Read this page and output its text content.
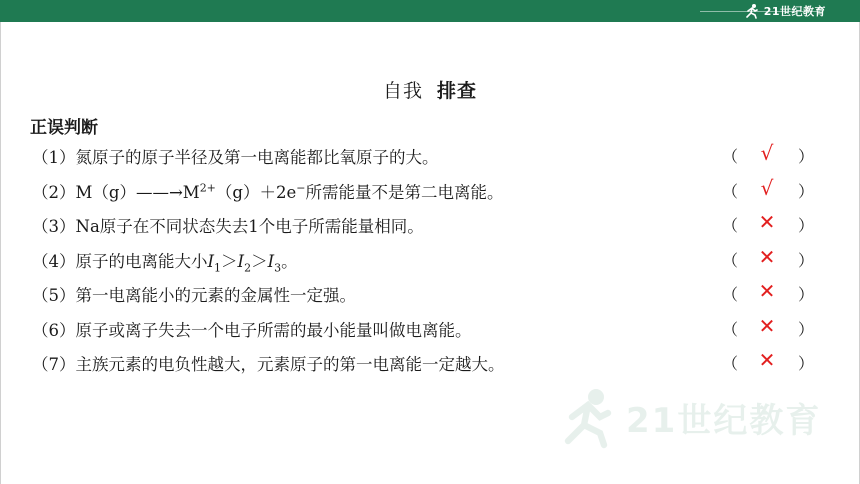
21世纪教育
自我 排查
正误判断
（1）氮原子的原子半径及第一电离能都比氧原子的大。	（	√	）
$(2)M(g)——\to M^{2+}(g)+2e^-$所需能量不是第二电离能。	（	√	）
（3）Na原子在不同状态失去1个电子所需能量相同。	（	✕	）
（4）原子的电离能大小$I_1>I_2>I_3$。	（	✕	）
（5）第一电离能小的元素的金属性一定强。	（	✕	）
（6）原子或离子失去一个电子所需的最小能量叫做电离能。	（	✕	）
（7）主族元素的电负性越大，元素原子的第一电离能一定越大。	（	✕	）
21世纪教育
